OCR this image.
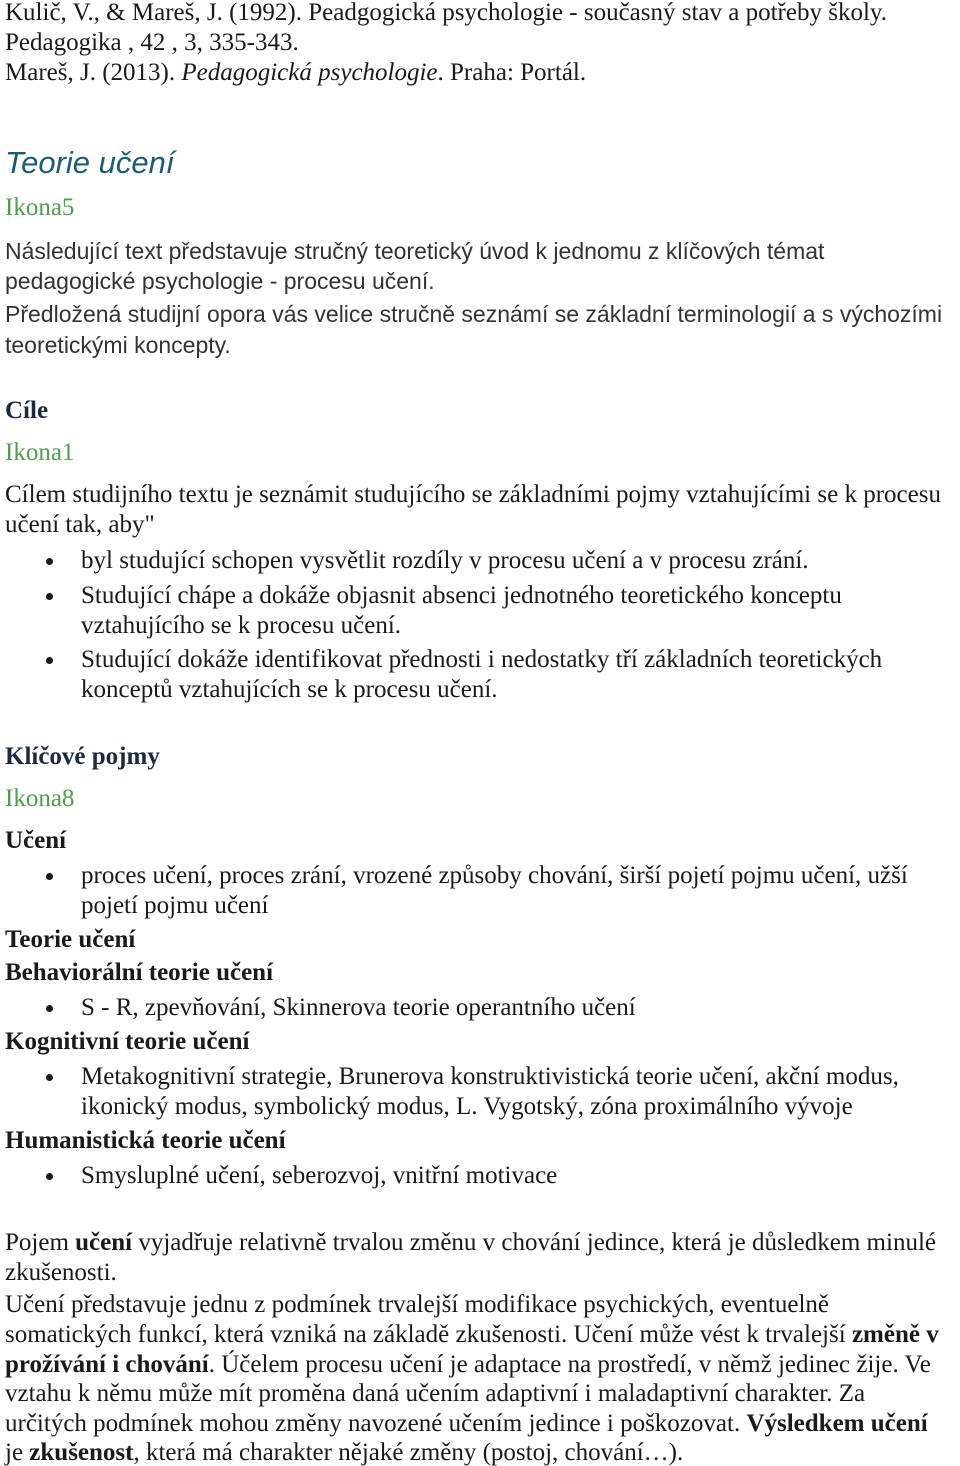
Kulič, V., & Mareš, J. (1992). Peadgogická psychologie - současný stav a potřeby školy.
Pedagogika , 42 , 3, 335-343.
Mareš, J. (2013). Pedagogická psychologie. Praha: Portál.
Teorie učení
Ikona5
Následující text představuje stručný teoretický úvod k jednomu z klíčových témat
pedagogické psychologie - procesu učení.
Předložená studijní opora vás velice stručně seznámí se základní terminologií a s výchozími
teoretickými koncepty.
Cíle
Ikona1
Cílem studijního textu je seznámit studujícího se základními pojmy vztahujícími se k procesu
učení tak, aby"
byl studující schopen vysvětlit rozdíly v procesu učení a v procesu zrání.
Studující chápe a dokáže objasnit absenci jednotného teoretického konceptu
vztahujícího se k procesu učení.
Studující dokáže identifikovat přednosti i nedostatky tří základních teoretických
konceptů vztahujících se k procesu učení.
Klíčové pojmy
Ikona8
Učení
proces učení, proces zrání, vrozené způsoby chování, širší pojetí pojmu učení, užší
pojetí pojmu učení
Teorie učení
Behaviorální teorie učení
S - R, zpevňování, Skinnerova teorie operantního učení
Kognitivní teorie učení
Metakognitivní strategie, Brunerova konstruktivistická teorie učení, akční modus,
ikonický modus, symbolický modus, L. Vygotský, zóna proximálního vývoje
Humanistická teorie učení
Smysluplné učení, seberozvoj, vnitřní motivace
Pojem učení vyjadřuje relativně trvalou změnu v chování jedince, která je důsledkem minulé
zkušenosti.
Učení představuje jednu z podmínek trvalejší modifikace psychických, eventuelně
somatických funkcí, která vzniká na základě zkušenosti. Učení může vést k trvalejší změně v
prožívání i chování. Účelem procesu učení je adaptace na prostředí, v němž jedinec žije. Ve
vztahu k němu může mít proměna daná učením adaptivní i maladaptivní charakter. Za
určitých podmínek mohou změny navozené učením jedince i poškozovat. Výsledkem učení
je zkušenost, která má charakter nějaké změny (postoj, chování…).
